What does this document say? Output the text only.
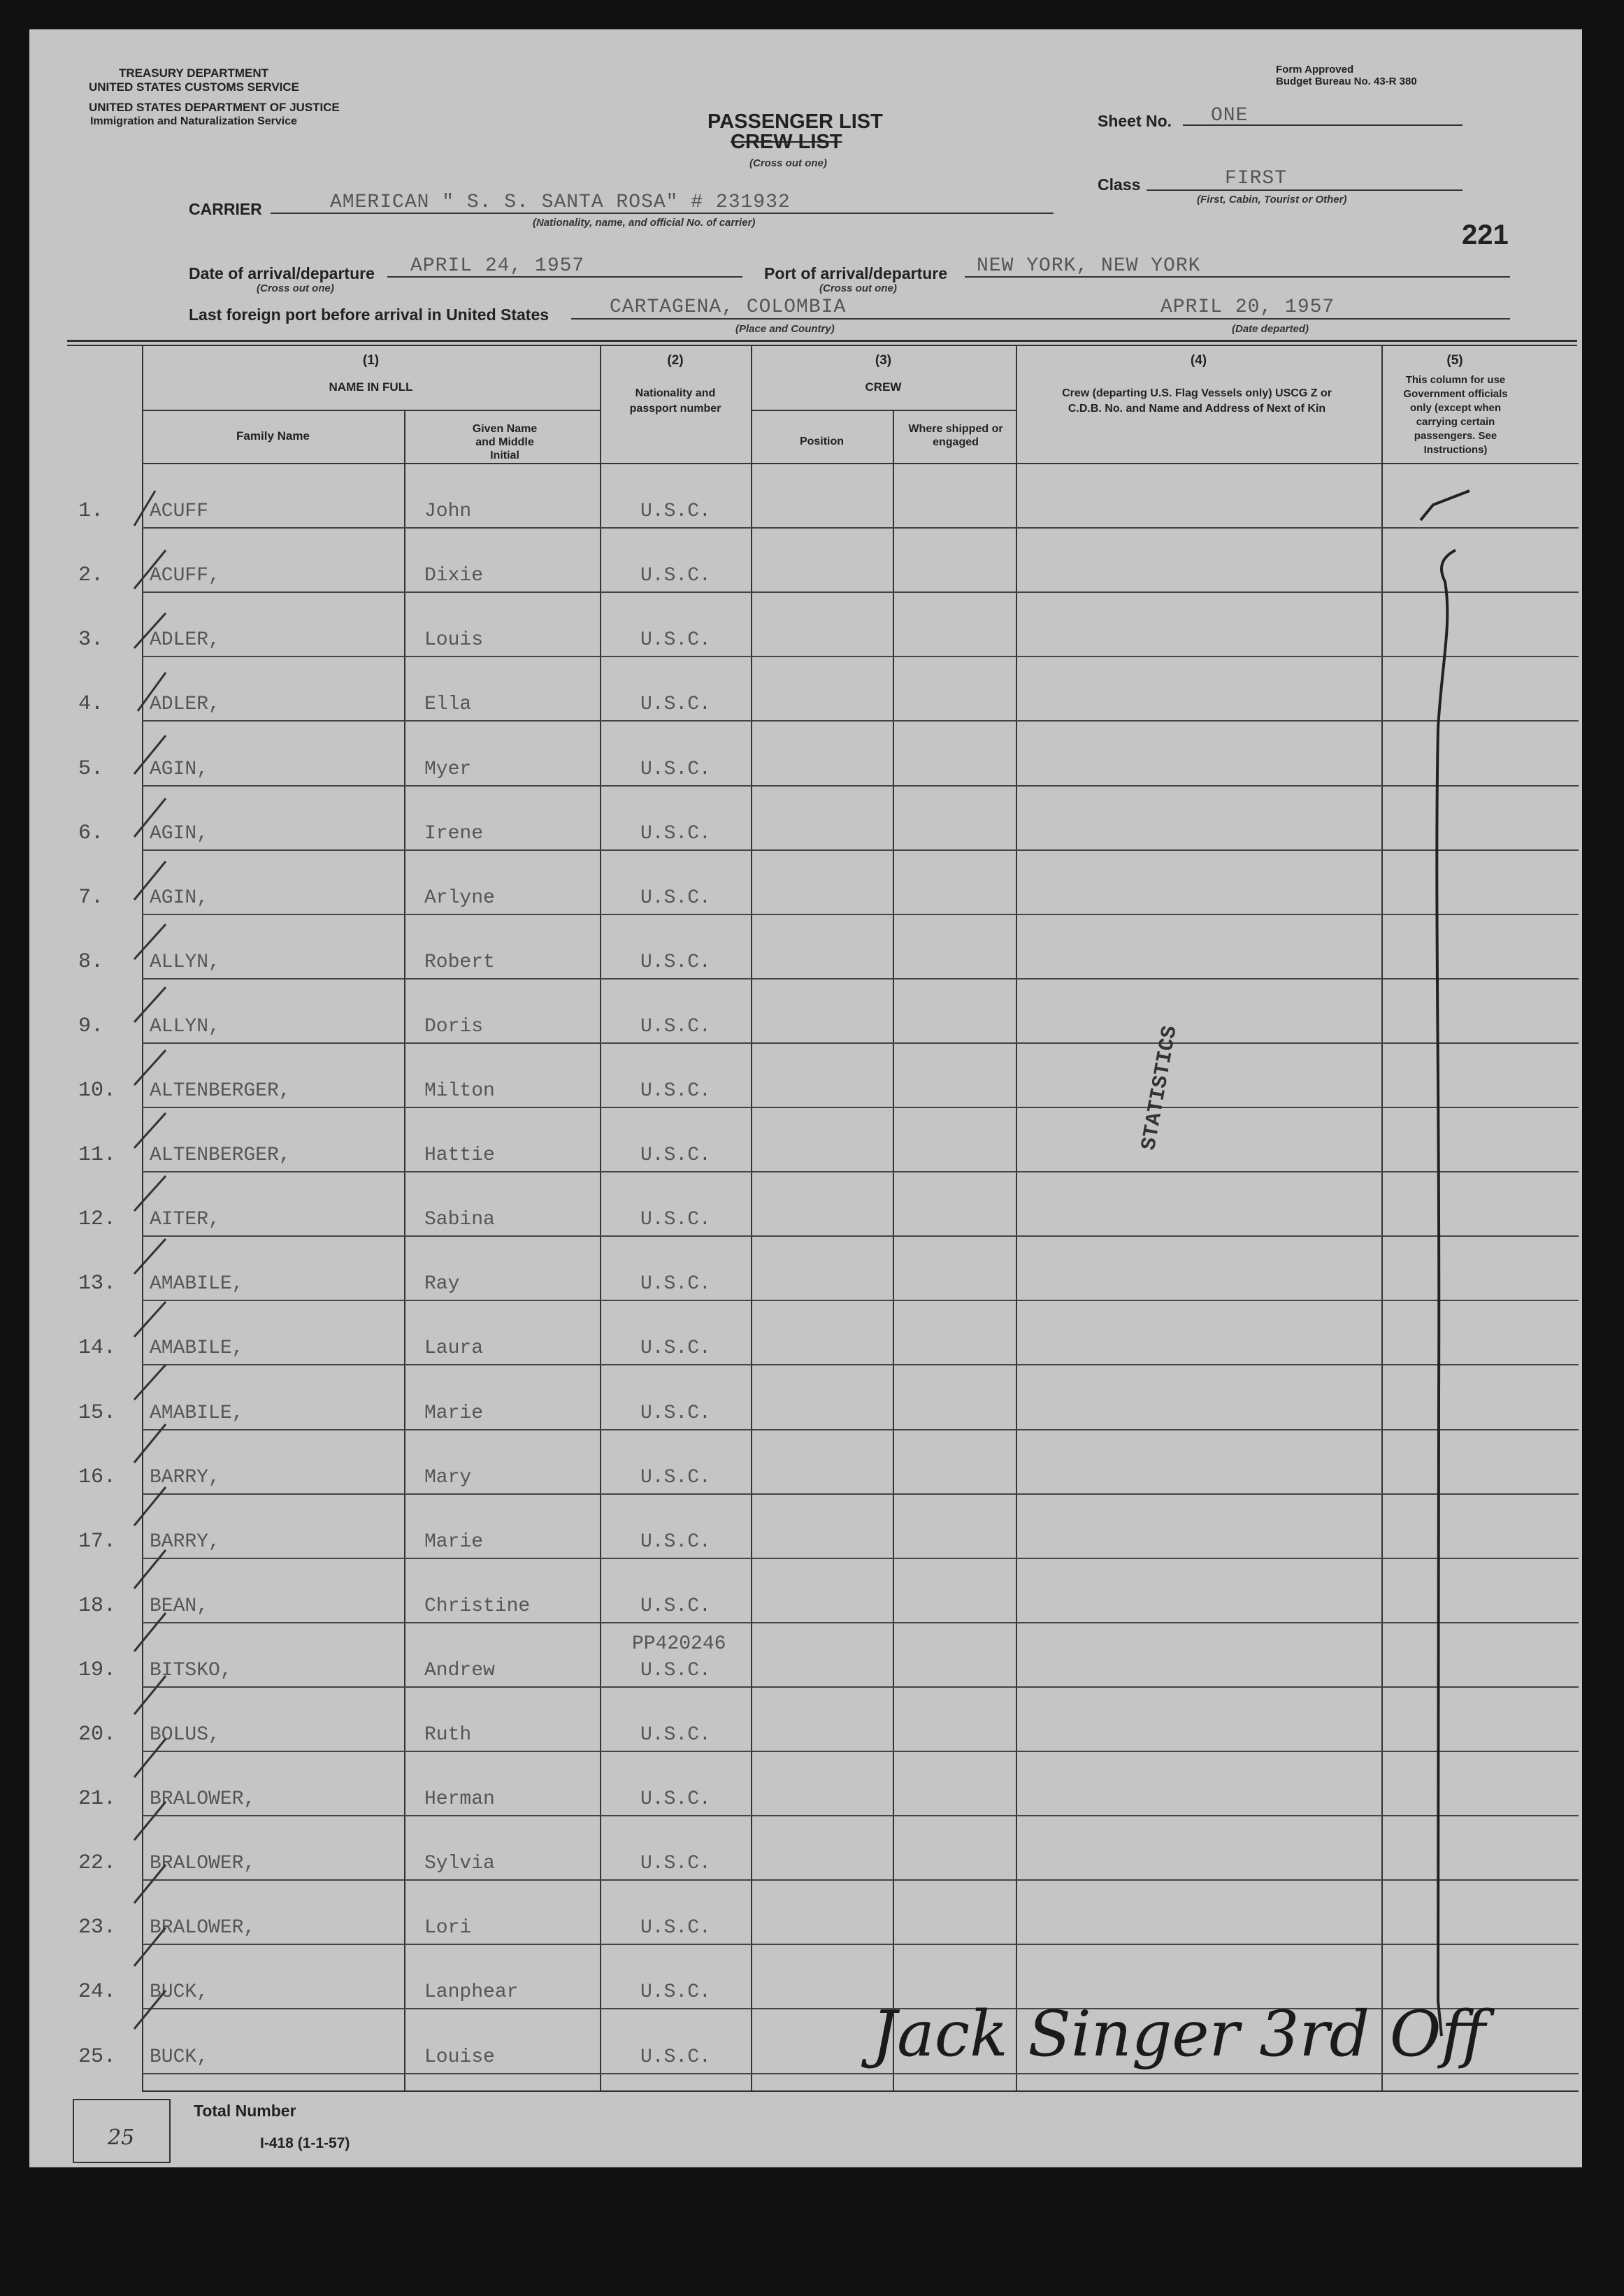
TREASURY DEPARTMENT
UNITED STATES CUSTOMS SERVICE
UNITED STATES DEPARTMENT OF JUSTICE
Immigration and Naturalization Service
Form Approved
Budget Bureau No. 43-R 380
PASSENGER LIST
CREW LIST
(Cross out one)
Sheet No. ONE
Class	FIRST
(First, Cabin, Tourist or Other)
221
CARRIER	AMERICAN " S. S. SANTA ROSA" # 231932
(Nationality, name, and official No. of carrier)
Date of arrival/departure APRIL 24, 1957
(Cross out one)
Port of arrival/departure NEW YORK, NEW YORK
(Cross out one)
Last foreign port before arrival in United States	CARTAGENA, COLOMBIA
(Place and Country)
APRIL 20, 1957
(Date departed)
(1)
NAME IN FULL
Family Name
Given Name and Middle Initial
(2)
Nationality and passport number
(3)
CREW
Position
Where shipped or engaged
(4)
Crew (departing U.S. Flag Vessels only) USCG Z or C.D.B. No. and Name and Address of Next of Kin
(5)
This column for use Government officials only (except when carrying certain passengers. See Instructions)
1. ACUFF	John	U.S.C.
2. ACUFF,	Dixie	U.S.C.
3. ADLER,	Louis	U.S.C.
4. ADLER,	Ella	U.S.C.
5. AGIN,	Myer	U.S.C.
6. AGIN,	Irene	U.S.C.
7. AGIN,	Arlyne	U.S.C.
8. ALLYN,	Robert	U.S.C.
9. ALLYN,	Doris	U.S.C.
10. ALTENBERGER,	Milton	U.S.C.
11. ALTENBERGER,	Hattie	U.S.C.
12. AITER,	Sabina	U.S.C.
13. AMABILE,	Ray	U.S.C.
14. AMABILE,	Laura	U.S.C.
15. AMABILE,	Marie	U.S.C.
16. BARRY,	Mary	U.S.C.
17. BARRY,	Marie	U.S.C.
18. BEAN,	Christine	U.S.C.
19. BITSKO,	Andrew	U.S.C.
PP420246
20. BOLUS,	Ruth	U.S.C.
21. BRALOWER,	Herman	U.S.C.
22. BRALOWER,	Sylvia	U.S.C.
23. BRALOWER,	Lori	U.S.C.
24. BUCK,	Lanphear	U.S.C.
25. BUCK,	Louise	U.S.C.
STATISTICS
Jack Singer 3rd Off
25
Total Number
I-418 (1-1-57)
